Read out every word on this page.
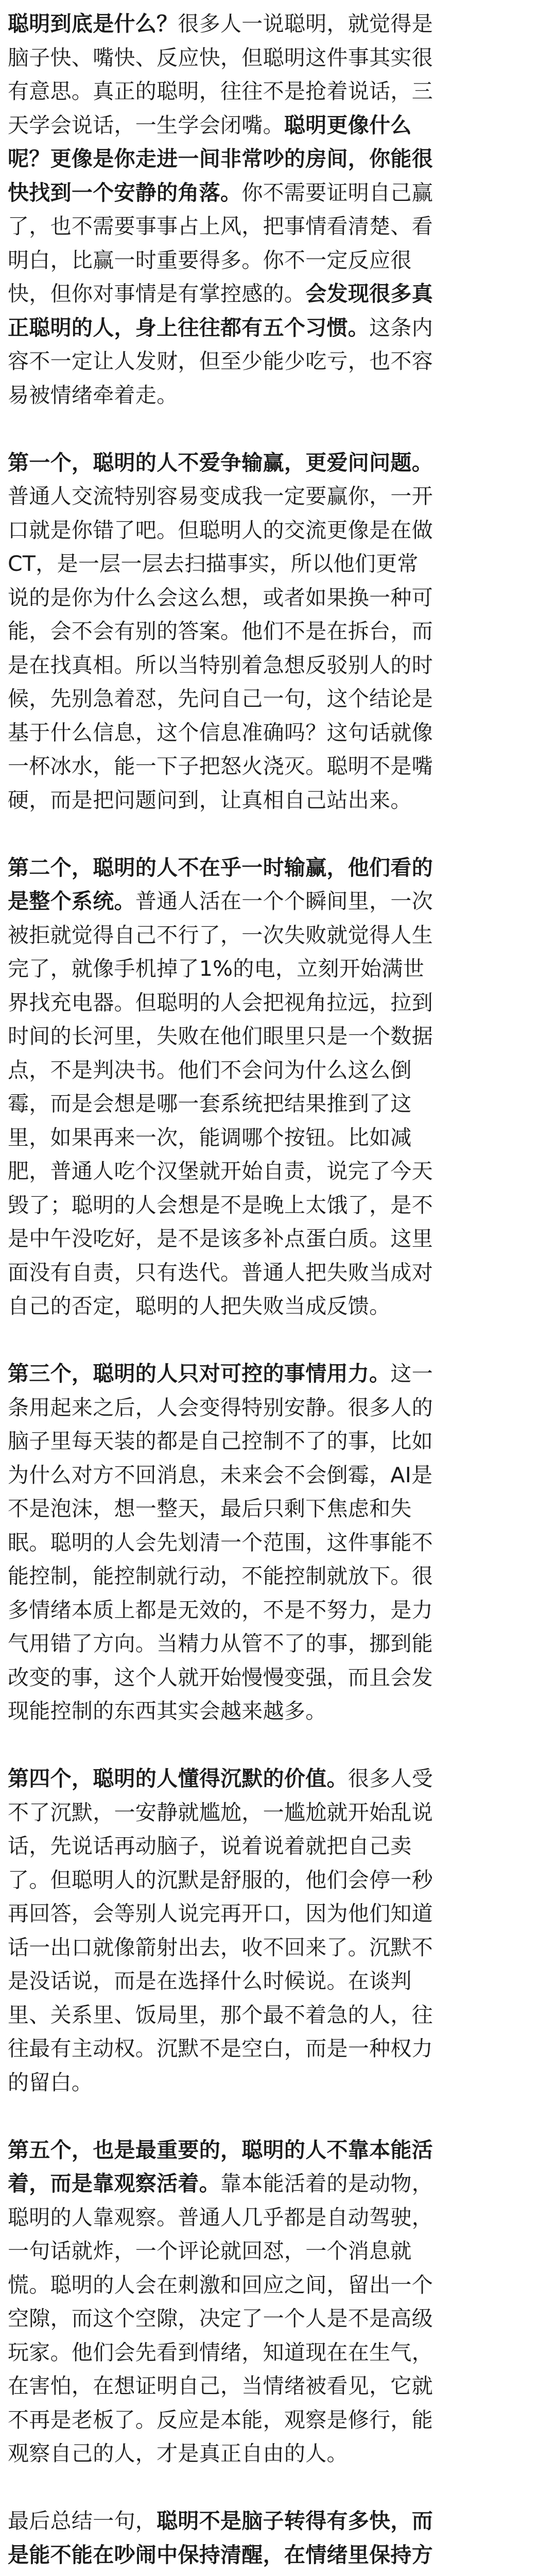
聪明到底是什么？很多人一说聪明，就觉得是
脑子快、嘴快、反应快，但聪明这件事其实很
有意思。真正的聪明，往往不是抢着说话，三
天学会说话，一生学会闭嘴。聪明更像什么
呢？更像是你走进一间非常吵的房间，你能很
快找到一个安静的角落。你不需要证明自己赢
了，也不需要事事占上风，把事情看清楚、看
明白，比赢一时重要得多。你不一定反应很
快，但你对事情是有掌控感的。会发现很多真
正聪明的人，身上往往都有五个习惯。这条内
容不一定让人发财，但至少能少吃亏，也不容
易被情绪牵着走。
第一个，聪明的人不爱争输赢，更爱问问题。
普通人交流特别容易变成我一定要赢你，一开
口就是你错了吧。但聪明人的交流更像是在做
CT，是一层一层去扫描事实，所以他们更常
说的是你为什么会这么想，或者如果换一种可
能，会不会有别的答案。他们不是在拆台，而
是在找真相。所以当特别着急想反驳别人的时
候，先别急着怼，先问自己一句，这个结论是
基于什么信息，这个信息准确吗？这句话就像
一杯冰水，能一下子把怒火浇灭。聪明不是嘴
硬，而是把问题问到，让真相自己站出来。
第二个，聪明的人不在乎一时输赢，他们看的
是整个系统。普通人活在一个个瞬间里，一次
被拒就觉得自己不行了，一次失败就觉得人生
完了，就像手机掉了1%的电，立刻开始满世
界找充电器。但聪明的人会把视角拉远，拉到
时间的长河里，失败在他们眼里只是一个数据
点，不是判决书。他们不会问为什么这么倒
霉，而是会想是哪一套系统把结果推到了这
里，如果再来一次，能调哪个按钮。比如减
肥，普通人吃个汉堡就开始自责，说完了今天
毁了；聪明的人会想是不是晚上太饿了，是不
是中午没吃好，是不是该多补点蛋白质。这里
面没有自责，只有迭代。普通人把失败当成对
自己的否定，聪明的人把失败当成反馈。
第三个，聪明的人只对可控的事情用力。这一
条用起来之后，人会变得特别安静。很多人的
脑子里每天装的都是自己控制不了的事，比如
为什么对方不回消息，未来会不会倒霉，AI是
不是泡沫，想一整天，最后只剩下焦虑和失
眠。聪明的人会先划清一个范围，这件事能不
能控制，能控制就行动，不能控制就放下。很
多情绪本质上都是无效的，不是不努力，是力
气用错了方向。当精力从管不了的事，挪到能
改变的事，这个人就开始慢慢变强，而且会发
现能控制的东西其实会越来越多。
第四个，聪明的人懂得沉默的价值。很多人受
不了沉默，一安静就尴尬，一尴尬就开始乱说
话，先说话再动脑子，说着说着就把自己卖
了。但聪明人的沉默是舒服的，他们会停一秒
再回答，会等别人说完再开口，因为他们知道
话一出口就像箭射出去，收不回来了。沉默不
是没话说，而是在选择什么时候说。在谈判
里、关系里、饭局里，那个最不着急的人，往
往最有主动权。沉默不是空白，而是一种权力
的留白。
第五个，也是最重要的，聪明的人不靠本能活
着，而是靠观察活着。靠本能活着的是动物，
聪明的人靠观察。普通人几乎都是自动驾驶，
一句话就炸，一个评论就回怼，一个消息就
慌。聪明的人会在刺激和回应之间，留出一个
空隙，而这个空隙，决定了一个人是不是高级
玩家。他们会先看到情绪，知道现在在生气，
在害怕，在想证明自己，当情绪被看见，它就
不再是老板了。反应是本能，观察是修行，能
观察自己的人，才是真正自由的人。
最后总结一句，聪明不是脑子转得有多快，而
是能不能在吵闹中保持清醒，在情绪里保持方
